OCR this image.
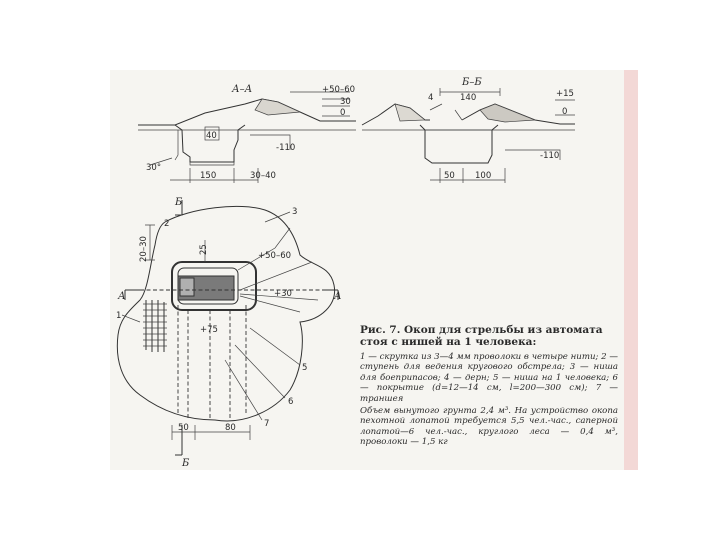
А–А	+50–60
30
0
40
-110
30°
150	30–40
Б–Б
4	140	+15
0
-110
50 100
Б
2
3
20–30	+50–60
25
А	+30	А
1
+75
5
6
7
50	80
Б

Рис. 7. Окоп для стрельбы из автомата стоя с нишей на 1 человека:

1 — скрутка из 3—4 мм проволоки в четыре нити; 2 — ступень для ведения кругового обстрела; 3 — ниша для боеприпасов; 4 — дерн; 5 — ниша на 1 человека; 6 — покрытие (d=12—14 см, l=200—300 см); 7 — траншея

Объем вынутого грунта 2,4 м³. На устройство окопа пехотной лопатой требуется 5,5 чел.-час., саперной лопатой—6 чел.-час., круглого леса — 0,4 м³, проволоки — 1,5 кг
